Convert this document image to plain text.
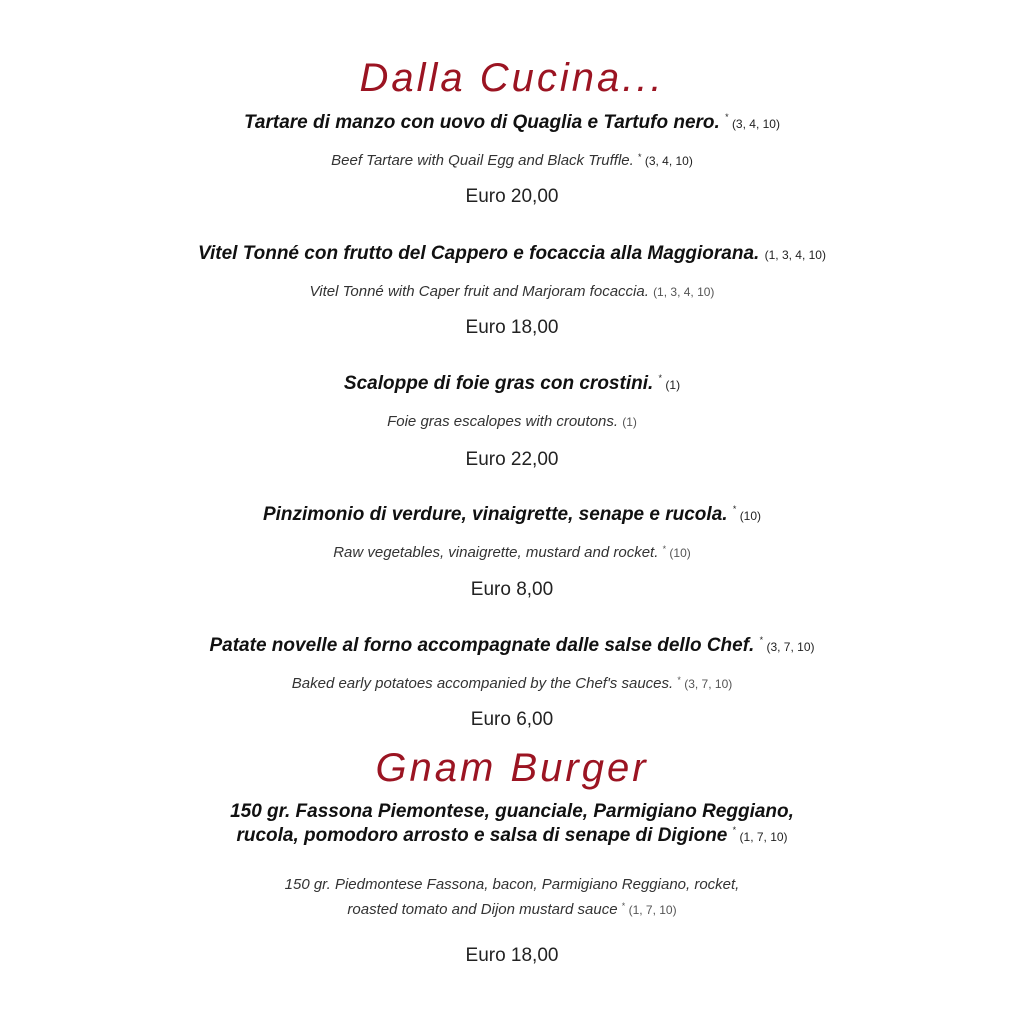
Dalla Cucina...
Tartare di manzo con uovo di Quaglia e Tartufo nero. * (3, 4, 10)
Beef Tartare with Quail Egg and Black Truffle. * (3, 4, 10)
Euro 20,00
Vitel Tonné con frutto del Cappero e focaccia alla Maggiorana. (1, 3, 4, 10)
Vitel Tonné with Caper fruit and Marjoram focaccia. (1, 3, 4, 10)
Euro 18,00
Scaloppe di foie gras con crostini. * (1)
Foie gras escalopes with croutons. (1)
Euro 22,00
Pinzimonio di verdure, vinaigrette, senape e rucola. * (10)
Raw vegetables, vinaigrette, mustard and rocket. * (10)
Euro 8,00
Patate novelle al forno accompagnate dalle salse dello Chef. * (3, 7, 10)
Baked early potatoes accompanied by the Chef's sauces. * (3, 7, 10)
Euro 6,00
Gnam Burger
150 gr. Fassona Piemontese, guanciale, Parmigiano Reggiano,
rucola, pomodoro arrosto e salsa di senape di Digione * (1, 7, 10)
150 gr. Piedmontese Fassona, bacon, Parmigiano Reggiano, rocket,
roasted tomato and Dijon mustard sauce * (1, 7, 10)
Euro 18,00
